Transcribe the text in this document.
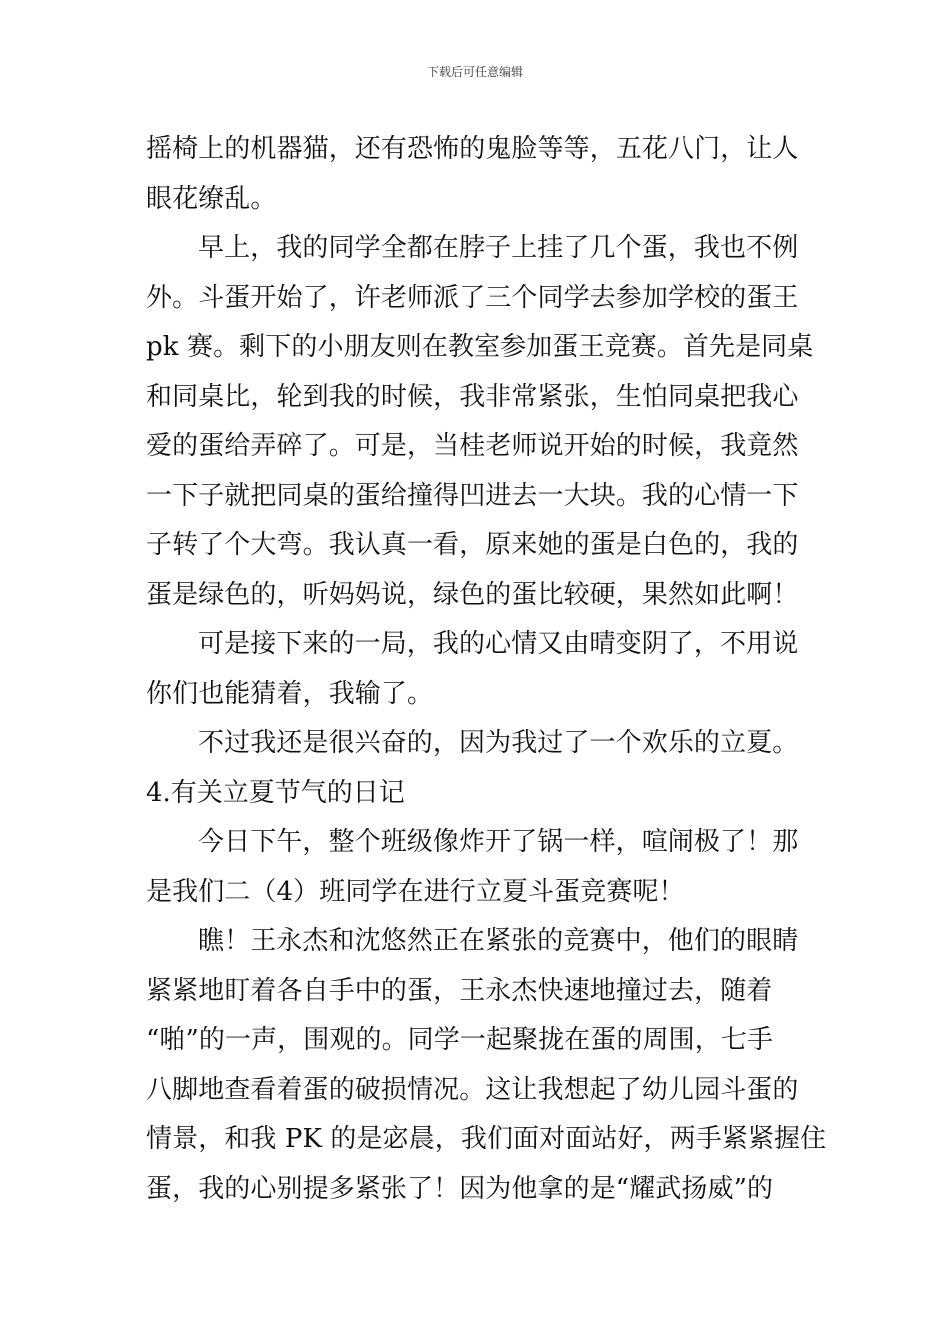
下载后可任意编辑
摇椅上的机器猫，还有恐怖的鬼脸等等，五花八门，让人
眼花缭乱。
早上，我的同学全都在脖子上挂了几个蛋，我也不例
外。斗蛋开始了，许老师派了三个同学去参加学校的蛋王
pk 赛。剩下的小朋友则在教室参加蛋王竞赛。首先是同桌
和同桌比，轮到我的时候，我非常紧张，生怕同桌把我心
爱的蛋给弄碎了。可是，当桂老师说开始的时候，我竟然
一下子就把同桌的蛋给撞得凹进去一大块。我的心情一下
子转了个大弯。我认真一看，原来她的蛋是白色的，我的
蛋是绿色的，听妈妈说，绿色的蛋比较硬，果然如此啊！
可是接下来的一局，我的心情又由晴变阴了，不用说
你们也能猜着，我输了。
不过我还是很兴奋的，因为我过了一个欢乐的立夏。
4.有关立夏节气的日记
今日下午，整个班级像炸开了锅一样，喧闹极了！那
是我们二（4）班同学在进行立夏斗蛋竞赛呢！
瞧！王永杰和沈悠然正在紧张的竞赛中，他们的眼睛
紧紧地盯着各自手中的蛋，王永杰快速地撞过去，随着
“啪”的一声，围观的。同学一起聚拢在蛋的周围，七手
八脚地查看着蛋的破损情况。这让我想起了幼儿园斗蛋的
情景，和我 PK 的是宓晨，我们面对面站好，两手紧紧握住
蛋，我的心别提多紧张了！因为他拿的是“耀武扬威”的
